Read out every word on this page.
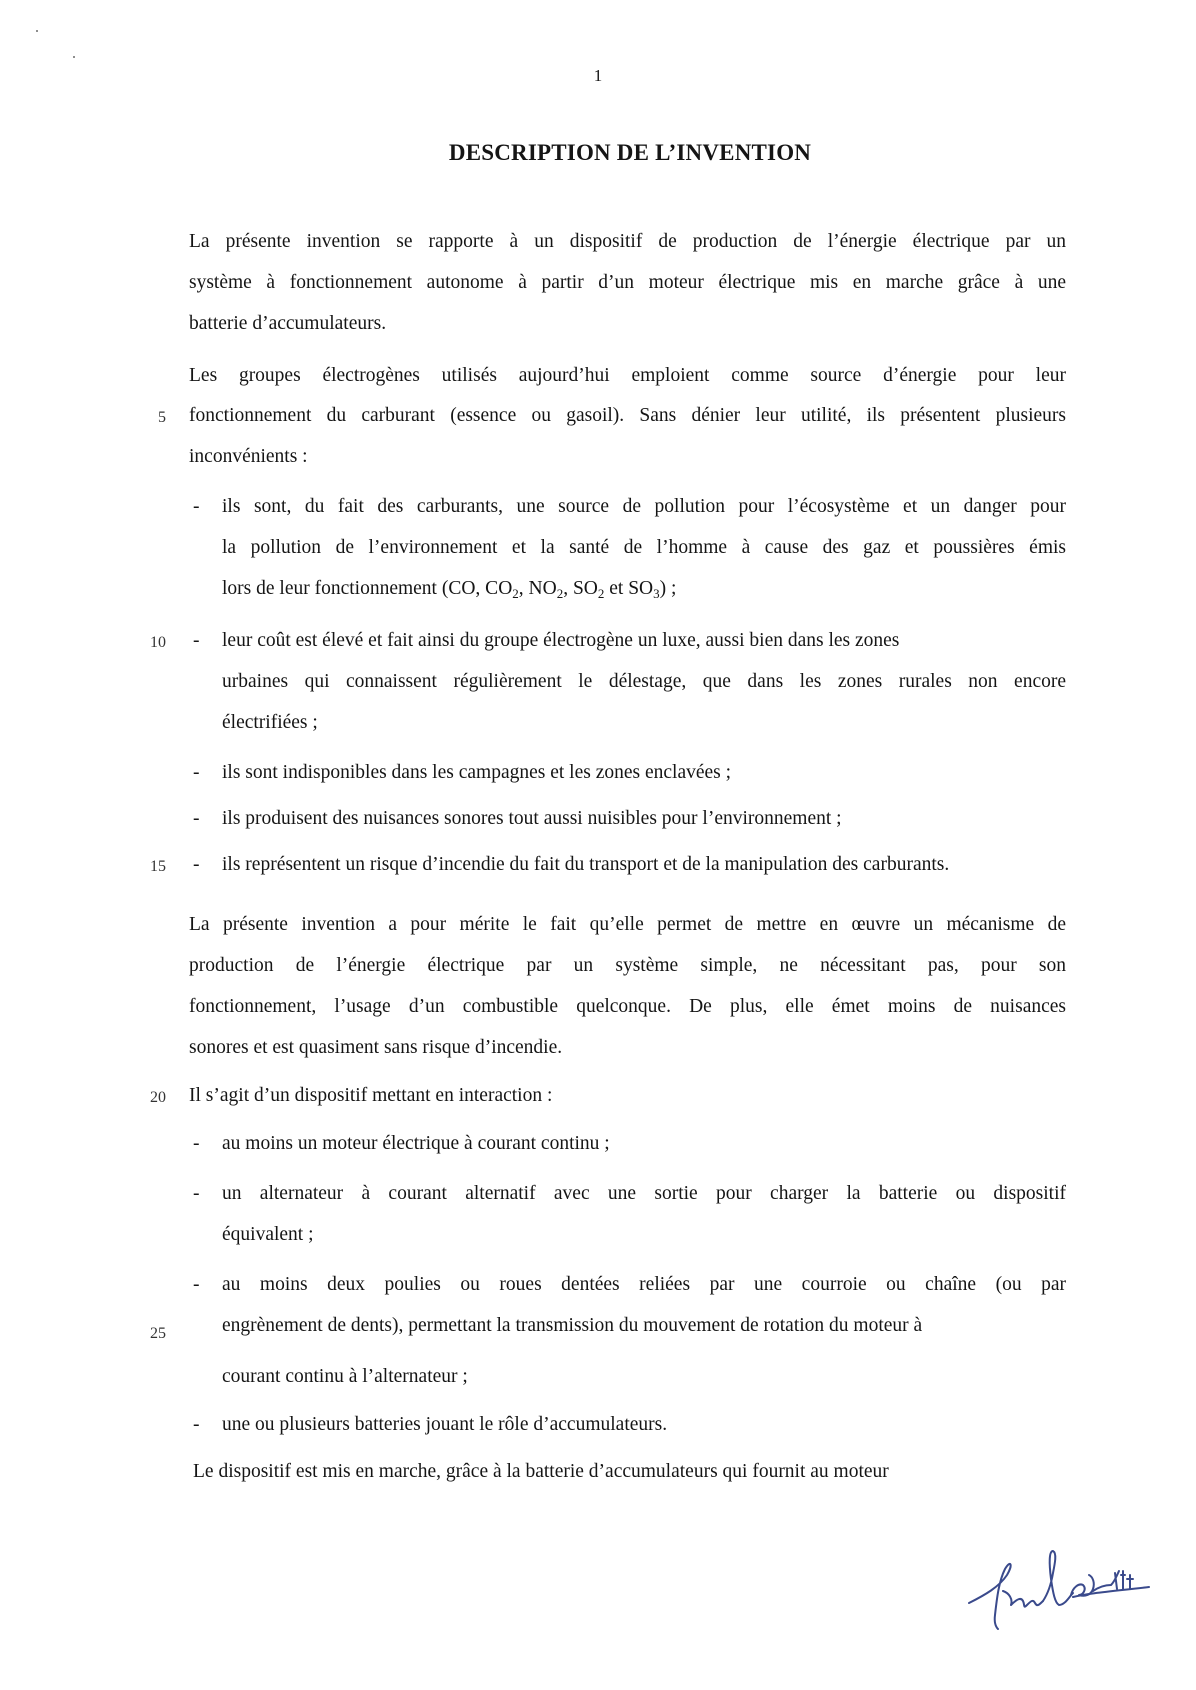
1
DESCRIPTION DE L’INVENTION

La présente invention se rapporte à un dispositif de production de l’énergie électrique par un

système à fonctionnement autonome à partir d’un moteur électrique mis en marche grâce à une

batterie d’accumulateurs.

Les groupes électrogènes utilisés aujourd’hui emploient comme source d’énergie pour leur

5 fonctionnement du carburant (essence ou gasoil). Sans dénier leur utilité, ils présentent plusieurs

inconvénients :

- ils sont, du fait des carburants, une source de pollution pour l’écosystème et un danger pour

la pollution de l’environnement et la santé de l’homme à cause des gaz et poussières émis

lors de leur fonctionnement (CO, $CO_2$, $NO_2$, $SO_2$ et $SO_3$) ;

10 - leur coût est élevé et fait ainsi du groupe électrogène un luxe, aussi bien dans les zones

urbaines qui connaissent régulièrement le délestage, que dans les zones rurales non encore

électrifiées ;

- ils sont indisponibles dans les campagnes et les zones enclavées ;

- ils produisent des nuisances sonores tout aussi nuisibles pour l’environnement ;

15 - ils représentent un risque d’incendie du fait du transport et de la manipulation des carburants.

La présente invention a pour mérite le fait qu’elle permet de mettre en œuvre un mécanisme de

production de l’énergie électrique par un système simple, ne nécessitant pas, pour son

fonctionnement, l’usage d’un combustible quelconque. De plus, elle émet moins de nuisances

sonores et est quasiment sans risque d’incendie.

20 Il s’agit d’un dispositif mettant en interaction :

- au moins un moteur électrique à courant continu ;

- un alternateur à courant alternatif avec une sortie pour charger la batterie ou dispositif

équivalent ;

- au moins deux poulies ou roues dentées reliées par une courroie ou chaîne (ou par

25	engrènement de dents), permettant la transmission du mouvement de rotation du moteur à

courant continu à l’alternateur ;

- une ou plusieurs batteries jouant le rôle d’accumulateurs.

Le dispositif est mis en marche, grâce à la batterie d’accumulateurs qui fournit au moteur
